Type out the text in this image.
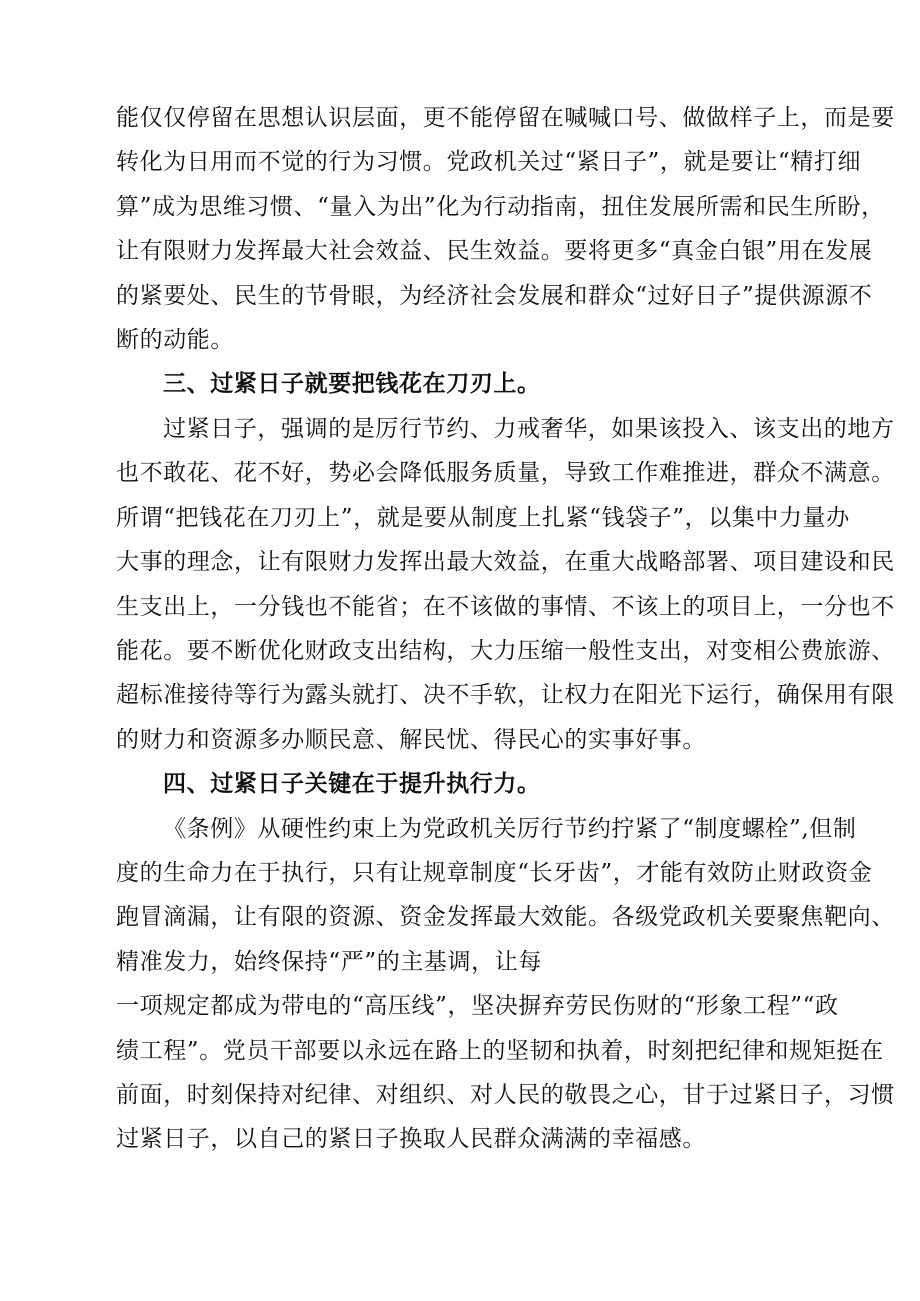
能仅仅停留在思想认识层面，更不能停留在喊喊口号、做做样子上，而是要
转化为日用而不觉的行为习惯。党政机关过“紧日子”，就是要让“精打细
算”成为思维习惯、“量入为出”化为行动指南，扭住发展所需和民生所盼，
让有限财力发挥最大社会效益、民生效益。要将更多“真金白银”用在发展
的紧要处、民生的节骨眼，为经济社会发展和群众“过好日子”提供源源不
断的动能。
三、过紧日子就要把钱花在刀刃上。
过紧日子，强调的是厉行节约、力戒奢华，如果该投入、该支出的地方
也不敢花、花不好，势必会降低服务质量，导致工作难推进，群众不满意。
所谓“把钱花在刀刃上”，就是要从制度上扎紧“钱袋子”，以集中力量办
大事的理念，让有限财力发挥出最大效益，在重大战略部署、项目建设和民
生支出上，一分钱也不能省；在不该做的事情、不该上的项目上，一分也不
能花。要不断优化财政支出结构，大力压缩一般性支出，对变相公费旅游、
超标准接待等行为露头就打、决不手软，让权力在阳光下运行，确保用有限
的财力和资源多办顺民意、解民忧、得民心的实事好事。
四、过紧日子关键在于提升执行力。
《条例》从硬性约束上为党政机关厉行节约拧紧了“制度螺栓”,但制
度的生命力在于执行，只有让规章制度“长牙齿”，才能有效防止财政资金
跑冒滴漏，让有限的资源、资金发挥最大效能。各级党政机关要聚焦靶向、
精准发力，始终保持“严”的主基调，让每
一项规定都成为带电的“高压线”，坚决摒弃劳民伤财的“形象工程”“政
绩工程”。党员干部要以永远在路上的坚韧和执着，时刻把纪律和规矩挺在
前面，时刻保持对纪律、对组织、对人民的敬畏之心，甘于过紧日子，习惯
过紧日子，以自己的紧日子换取人民群众满满的幸福感。
